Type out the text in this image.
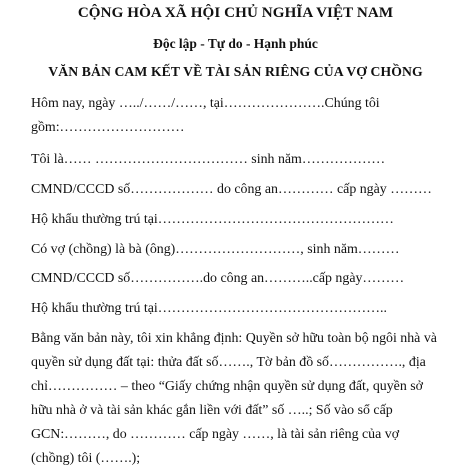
CỘNG HÒA XÃ HỘI CHỦ NGHĨA VIỆT NAM
Độc lập - Tự do - Hạnh phúc
VĂN BẢN CAM KẾT VỀ TÀI SẢN RIÊNG CỦA VỢ CHỒNG
Hôm nay, ngày …../……/……, tại………………….Chúng tôi
gồm:………………………
Tôi là…… …………………………… sinh năm………………
CMND/CCCD số……………… do công an………… cấp ngày ………
Hộ khẩu thường trú tại……………………………………………
Có vợ (chồng) là bà (ông)………………………, sinh năm………
CMND/CCCD số…………….do công an………..cấp ngày………
Hộ khẩu thường trú tại…………………………………………..
Bằng văn bản này, tôi xin khẳng định: Quyền sở hữu toàn bộ ngôi nhà và
quyền sử dụng đất tại: thửa đất số……., Tờ bản đồ số……………., địa
chỉ…………… – theo “Giấy chứng nhận quyền sử dụng đất, quyền sở
hữu nhà ở và tài sản khác gắn liền với đất” số …..; Số vào sổ cấp
GCN:………, do ………… cấp ngày ……, là tài sản riêng của vợ
(chồng) tôi (…….);
